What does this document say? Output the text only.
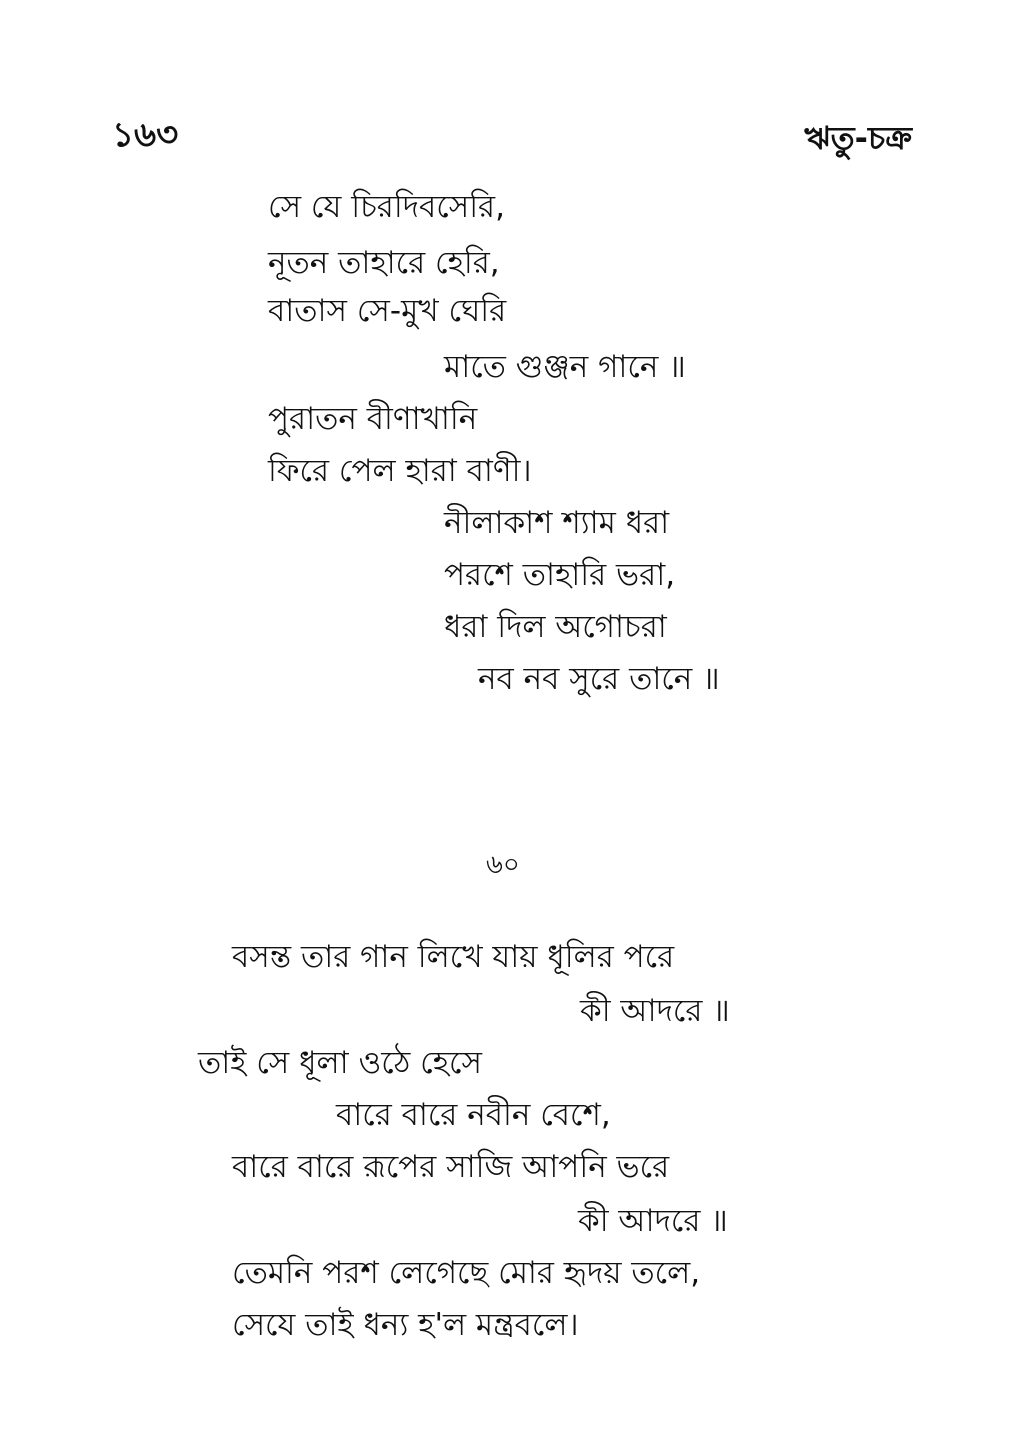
১৬৩	ঋতু-চক্র
সে যে চিরদিবসেরি,
নূতন তাহারে হেরি,
বাতাস সে-মুখ ঘেরি
মাতে গুঞ্জন গানে ॥
পুরাতন বীণাখানি
ফিরে পেল হারা বাণী।
নীলাকাশ শ্যাম ধরা
পরশে তাহারি ভরা,
ধরা দিল অগোচরা
নব নব সুরে তানে ॥
৬০
বসন্ত তার গান লিখে যায় ধূলির পরে
কী আদরে ॥
তাই সে ধূলা ওঠে হেসে
বারে বারে নবীন বেশে,
বারে বারে রূপের সাজি আপনি ভরে
কী আদরে ॥
তেমনি পরশ লেগেছে মোর হৃদয় তলে,
সেযে তাই ধন্য হ'ল মন্ত্রবলে।
